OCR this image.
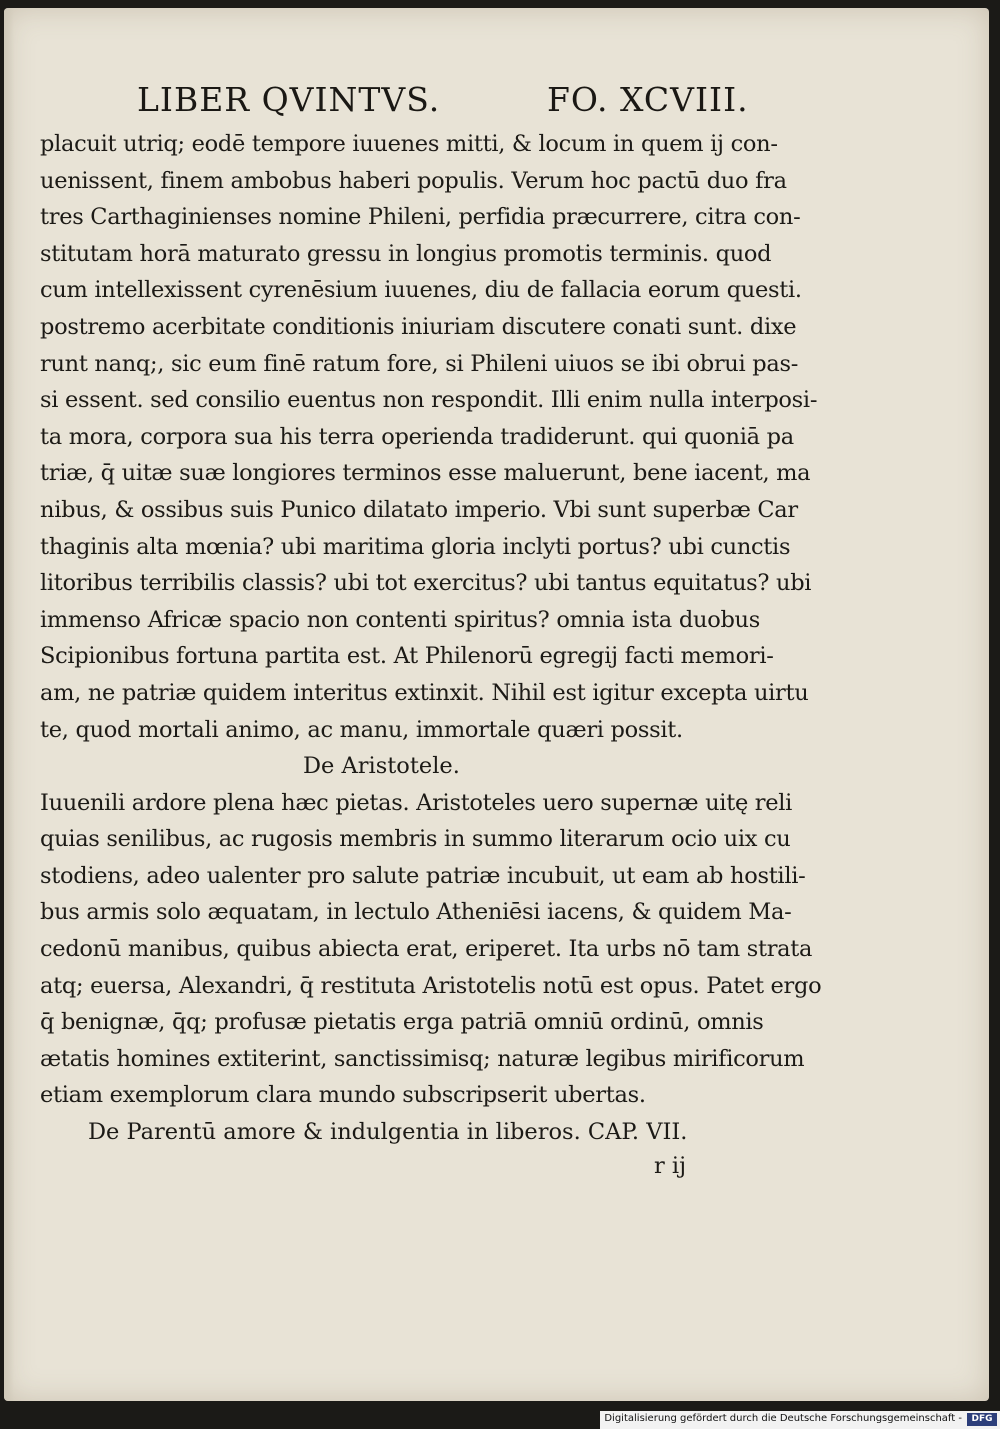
LIBER QVINTVS.	FO. XCVIII.
placuit utriq; eodē tempore iuuenes mitti, & locum in quem ij con-
uenissent, finem ambobus haberi populis. Verum hoc pactū duo fra
tres Carthaginienses nomine Phileni, perfidia præcurrere, citra con-
stitutam horā maturato gressu in longius promotis terminis. quod
cum intellexissent cyrenēsium iuuenes, diu de fallacia eorum questi.
postremo acerbitate conditionis iniuriam discutere conati sunt. dixe
runt nanq;, sic eum finē ratum fore, si Phileni uiuos se ibi obrui pas-
si essent. sed consilio euentus non respondit. Illi enim nulla interposi-
ta mora, corpora sua his terra operienda tradiderunt. qui quoniā pa
triæ, q̄ uitæ suæ longiores terminos esse maluerunt, bene iacent, ma
nibus, & ossibus suis Punico dilatato imperio. Vbi sunt superbæ Car
thaginis alta mœnia? ubi maritima gloria inclyti portus? ubi cunctis
litoribus terribilis classis? ubi tot exercitus? ubi tantus equitatus? ubi
immenso Africæ spacio non contenti spiritus? omnia ista duobus
Scipionibus fortuna partita est. At Philenorū egregij facti memori-
am, ne patriæ quidem interitus extinxit. Nihil est igitur excepta uirtu
te, quod mortali animo, ac manu, immortale quæri possit.
De Aristotele.
Iuuenili ardore plena hæc pietas. Aristoteles uero supernæ uitę reli
quias senilibus, ac rugosis membris in summo literarum ocio uix cu
stodiens, adeo ualenter pro salute patriæ incubuit, ut eam ab hostili-
bus armis solo æquatam, in lectulo Atheniēsi iacens, & quidem Ma-
cedonū manibus, quibus abiecta erat, eriperet. Ita urbs nō tam strata
atq; euersa, Alexandri, q̄ restituta Aristotelis notū est opus. Patet ergo
q̄ benignæ, q̄q; profusæ pietatis erga patriā omniū ordinū, omnis
ætatis homines extiterint, sanctissimisq; naturæ legibus mirificorum
etiam exemplorum clara mundo subscripserit ubertas.
De Parentū amore & indulgentia in liberos. CAP. VII.
r ij
Digitalisierung gefördert durch die Deutsche Forschungsgemeinschaft -	DFG
